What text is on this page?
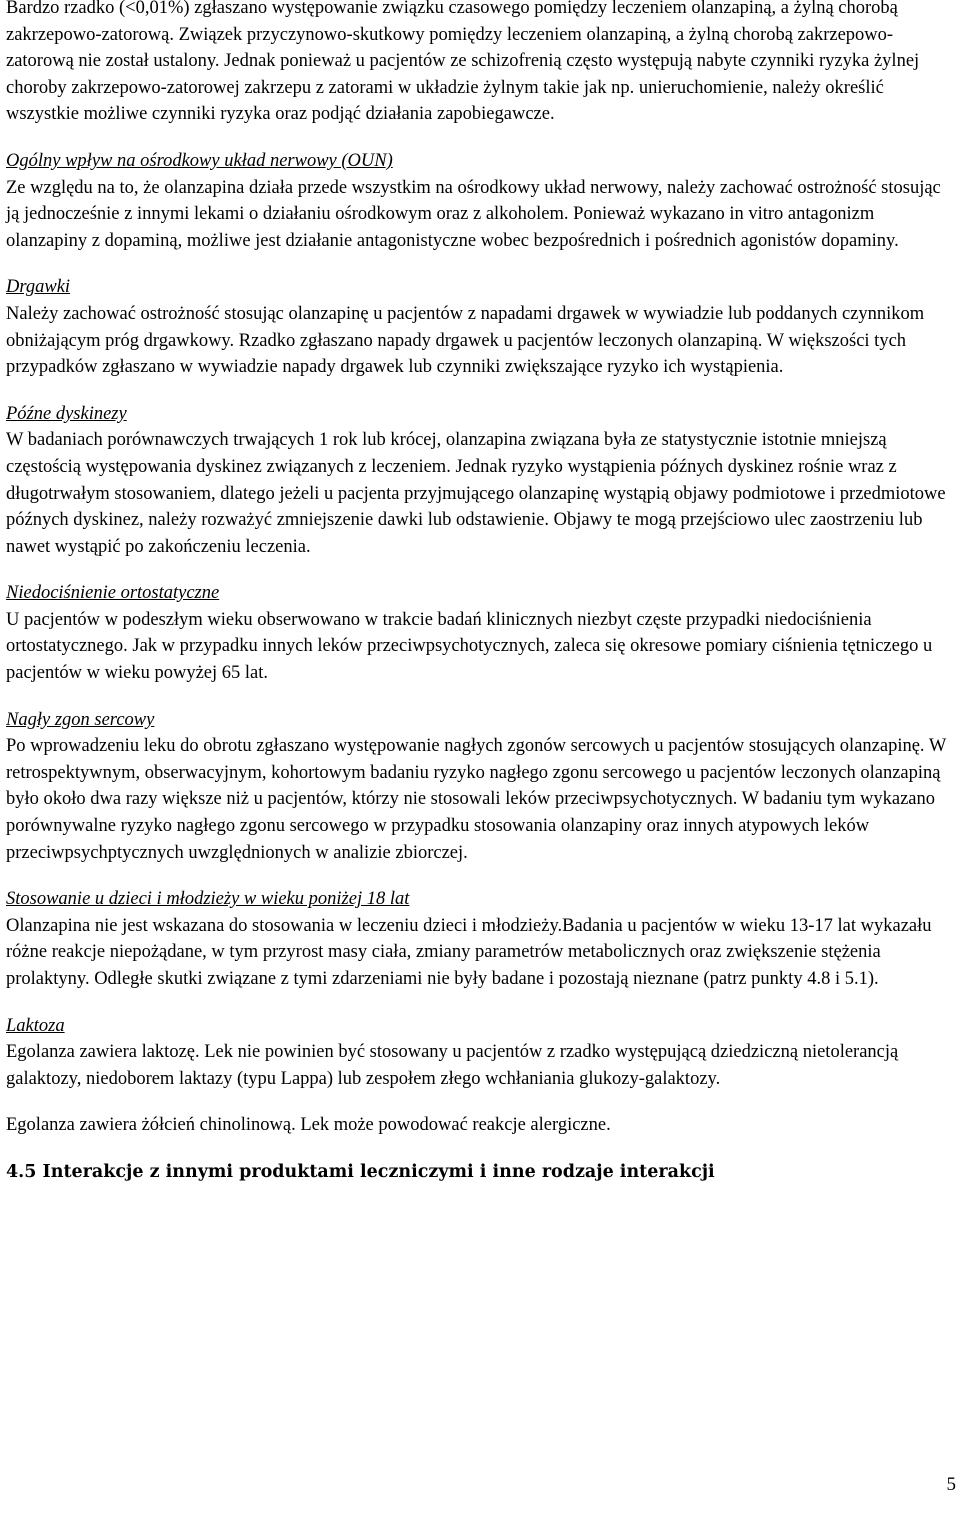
Bardzo rzadko (<0,01%) zgłaszano występowanie związku czasowego pomiędzy leczeniem olanzapiną, a żylną chorobą zakrzepowo-zatorową. Związek przyczynowo-skutkowy pomiędzy leczeniem olanzapiną, a żylną chorobą zakrzepowo-zatorową nie został ustalony. Jednak ponieważ u pacjentów ze schizofrenią często występują nabyte czynniki ryzyka żylnej choroby zakrzepowo-zatorowej zakrzepu z zatorami w układzie żylnym takie jak np. unieruchomienie, należy określić wszystkie możliwe czynniki ryzyka oraz podjąć działania zapobiegawcze.

Ogólny wpływ na ośrodkowy układ nerwowy (OUN)

Ze względu na to, że olanzapina działa przede wszystkim na ośrodkowy układ nerwowy, należy zachować ostrożność stosując ją jednocześnie z innymi lekami o działaniu ośrodkowym oraz z alkoholem. Ponieważ wykazano in vitro antagonizm olanzapiny z dopaminą, możliwe jest działanie antagonistyczne wobec bezpośrednich i pośrednich agonistów dopaminy.

Drgawki

Należy zachować ostrożność stosując olanzapinę u pacjentów z napadami drgawek w wywiadzie lub poddanych czynnikom obniżającym próg drgawkowy. Rzadko zgłaszano napady drgawek u pacjentów leczonych olanzapiną. W większości tych przypadków zgłaszano w wywiadzie napady drgawek lub czynniki zwiększające ryzyko ich wystąpienia.

Późne dyskinezy

W badaniach porównawczych trwających 1 rok lub krócej, olanzapina związana była ze statystycznie istotnie mniejszą częstością występowania dyskinez związanych z leczeniem. Jednak ryzyko wystąpienia późnych dyskinez rośnie wraz z długotrwałym stosowaniem, dlatego jeżeli u pacjenta przyjmującego olanzapinę wystąpią objawy podmiotowe i przedmiotowe późnych dyskinez, należy rozważyć zmniejszenie dawki lub odstawienie. Objawy te mogą przejściowo ulec zaostrzeniu lub nawet wystąpić po zakończeniu leczenia.

Niedociśnienie ortostatyczne

U pacjentów w podeszłym wieku obserwowano w trakcie badań klinicznych niezbyt częste przypadki niedociśnienia ortostatycznego. Jak w przypadku innych leków przeciwpsychotycznych, zaleca się okresowe pomiary ciśnienia tętniczego u pacjentów w wieku powyżej 65 lat.

Nagły zgon sercowy

Po wprowadzeniu leku do obrotu zgłaszano występowanie nagłych zgonów sercowych u pacjentów stosujących olanzapinę. W retrospektywnym, obserwacyjnym, kohortowym badaniu ryzyko nagłego zgonu sercowego u pacjentów leczonych olanzapiną było około dwa razy większe niż u pacjentów, którzy nie stosowali leków przeciwpsychotycznych. W badaniu tym wykazano porównywalne ryzyko nagłego zgonu sercowego w przypadku stosowania olanzapiny oraz innych atypowych leków przeciwpsychptycznych uwzględnionych w analizie zbiorczej.

Stosowanie u dzieci i młodzieży w wieku poniżej 18 lat

Olanzapina nie jest wskazana do stosowania w leczeniu dzieci i młodzieży.Badania u pacjentów w wieku 13-17 lat wykazału różne reakcje niepożądane, w tym przyrost masy ciała, zmiany parametrów metabolicznych oraz zwiększenie stężenia prolaktyny. Odległe skutki związane z tymi zdarzeniami nie były badane i pozostają nieznane (patrz punkty 4.8 i 5.1).

Laktoza

Egolanza zawiera laktozę. Lek nie powinien być stosowany u pacjentów z rzadko występującą dziedziczną nietolerancją galaktozy, niedoborem laktazy (typu Lappa) lub zespołem złego wchłaniania glukozy-galaktozy.

Egolanza zawiera żółcień chinolinową. Lek może powodować reakcje alergiczne.

4.5 Interakcje z innymi produktami leczniczymi i inne rodzaje interakcji

5
